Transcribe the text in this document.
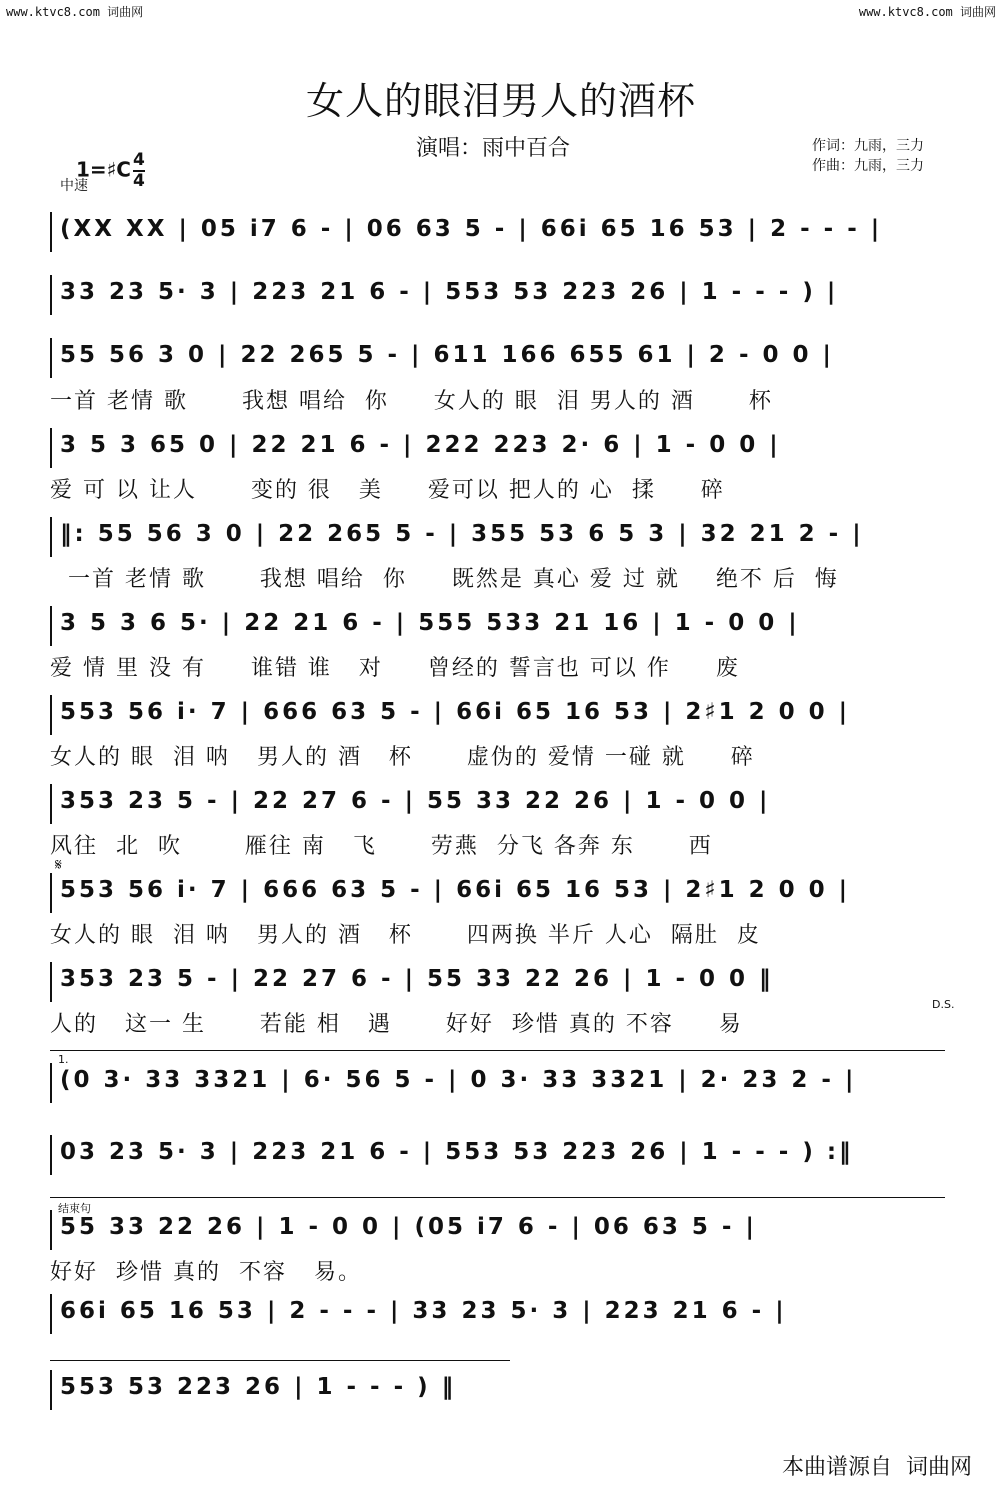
www.ktvc8.com 词曲网	www.ktvc8.com 词曲网
女人的眼泪男人的酒杯

1=♯C $\frac{4}{4}$

演唱：雨中百合	作词：九雨，三力
作曲：九雨，三力
中速
(XX XX | 05 i7 6 - | 06 63 5 - | 66i 65 16 53 | 2 - - - |
33 23 5· 3 | 223 21 6 - | 553 53 223 26 | 1 - - - ) |
55 56 3 0 | 22 265 5 - | 611 166 655 61 | 2 - 0 0 |
一首 老情 歌      我想 唱给  你     女人的 眼  泪 男人的 酒      杯
3 5 3 65 0 | 22 21 6 - | 222 223 2· 6 | 1 - 0 0 |
爱 可 以 让人      变的 很   美     爱可以 把人的 心  揉     碎
‖: 55 56 3 0 | 22 265 5 - | 355 53 6 5 3 | 32 21 2 - |
一首 老情 歌      我想 唱给  你     既然是 真心 爱 过 就    绝不 后  悔
3 5 3 6 5· | 22 21 6 - | 555 533 21 16 | 1 - 0 0 |
爱 情 里 没 有     谁错 谁   对     曾经的 誓言也 可以 作     废
553 56 i· 7 | 666 63 5 - | 66i 65 16 53 | 2♯1 2 0 0 |
女人的 眼  泪 呐   男人的 酒   杯      虚伪的 爱情 一碰 就     碎
353 23 5 - | 22 27 6 - | 55 33 22 26 | 1 - 0 0 |
风往  北  吹       雁往 南   飞      劳燕  分飞 各奔 东      西
𝄋
553 56 i· 7 | 666 63 5 - | 66i 65 16 53 | 2♯1 2 0 0 |
女人的 眼  泪 呐   男人的 酒   杯      四两换 半斤 人心  隔肚  皮
353 23 5 - | 22 27 6 - | 55 33 22 26 | 1 - 0 0 ‖
人的   这一 生      若能 相   遇      好好  珍惜 真的 不容     易
D.S.
1.
(0 3· 33 3321 | 6· 56 5 - | 0 3· 33 3321 | 2· 23 2 - |
03 23 5· 3 | 223 21 6 - | 553 53 223 26 | 1 - - - ) :‖
结束句
55 33 22 26 | 1 - 0 0 | (05 i7 6 - | 06 63 5 - |
好好  珍惜 真的  不容   易。
66i 65 16 53 | 2 - - - | 33 23 5· 3 | 223 21 6 - |
553 53 223 26 | 1 - - - ) ‖
本曲谱源自  词曲网
